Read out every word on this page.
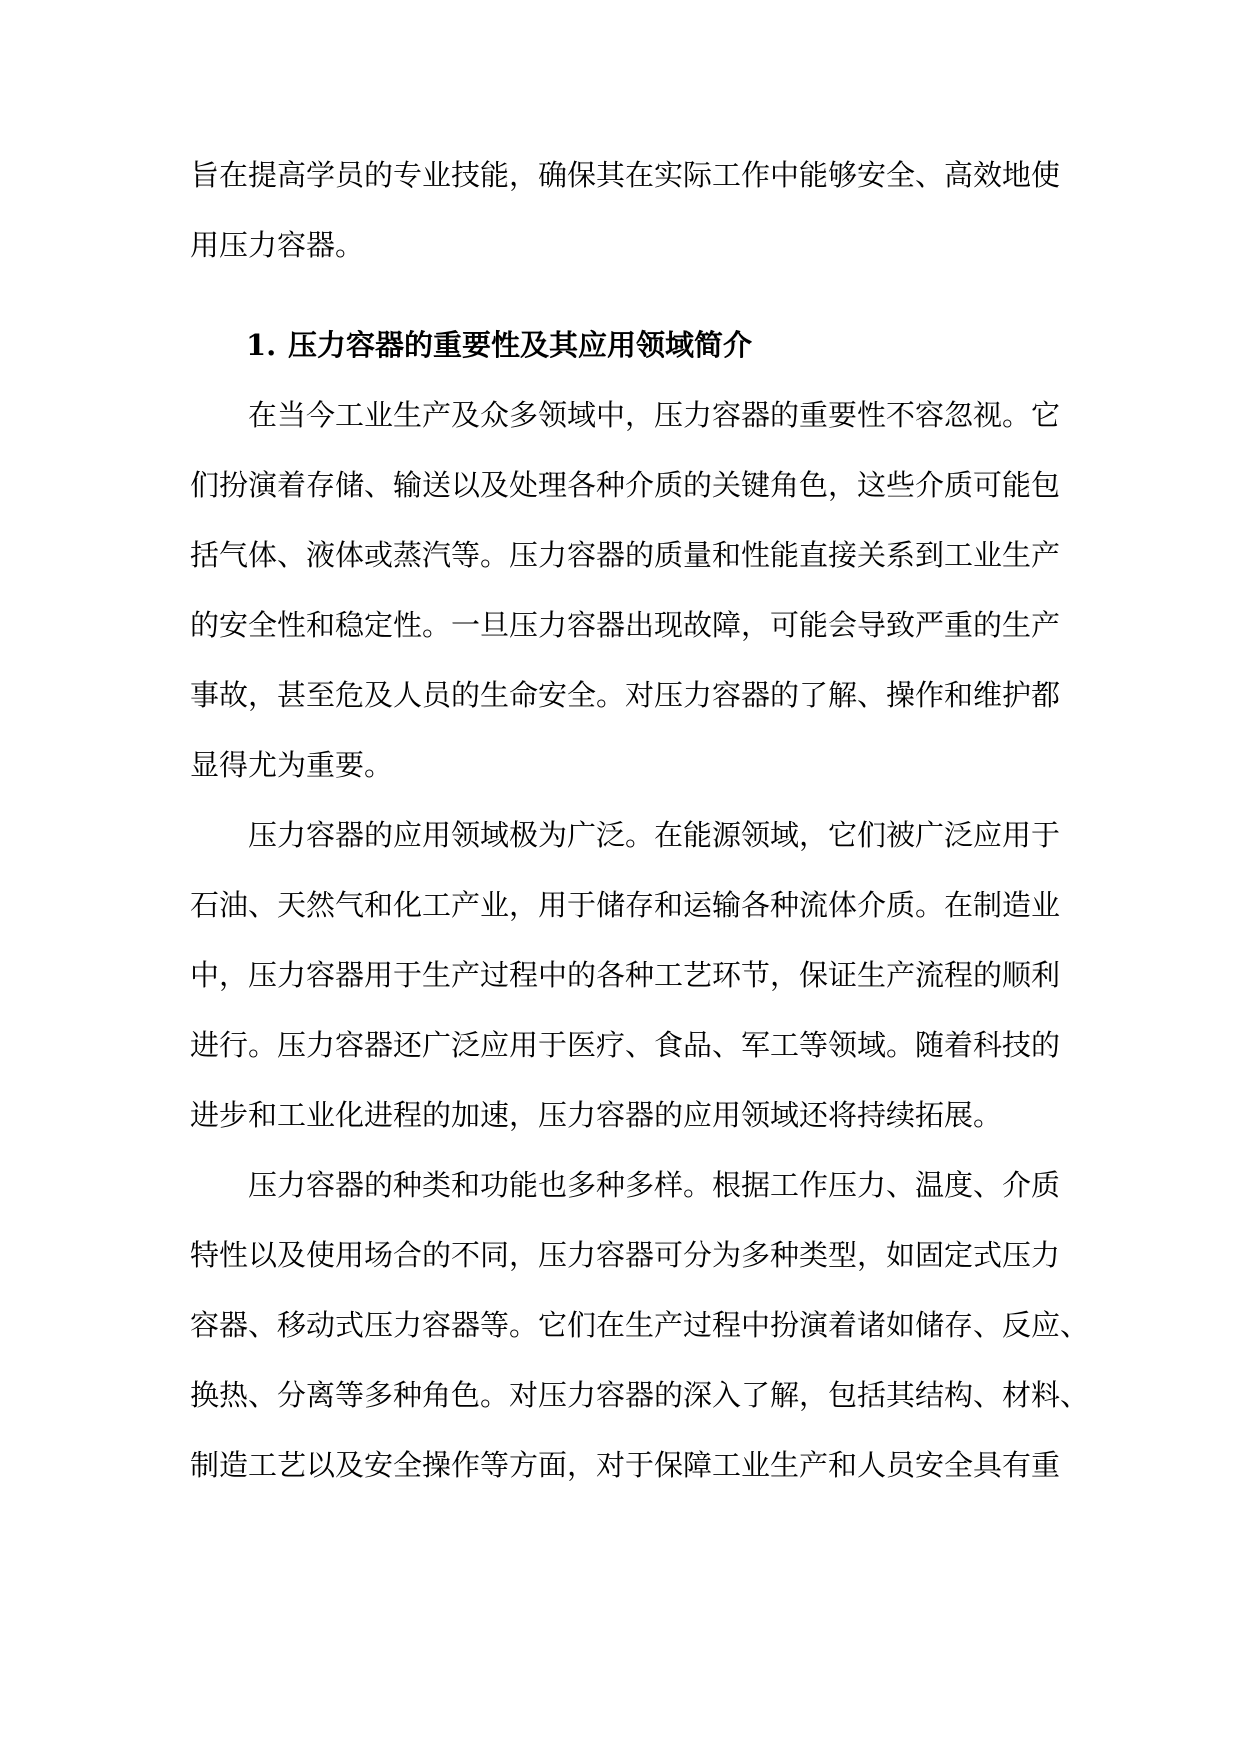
旨在提高学员的专业技能，确保其在实际工作中能够安全、高效地使
用压力容器。
1. 压力容器的重要性及其应用领域简介
在当今工业生产及众多领域中，压力容器的重要性不容忽视。它
们扮演着存储、输送以及处理各种介质的关键角色，这些介质可能包
括气体、液体或蒸汽等。压力容器的质量和性能直接关系到工业生产
的安全性和稳定性。一旦压力容器出现故障，可能会导致严重的生产
事故，甚至危及人员的生命安全。对压力容器的了解、操作和维护都
显得尤为重要。
压力容器的应用领域极为广泛。在能源领域，它们被广泛应用于
石油、天然气和化工产业，用于储存和运输各种流体介质。在制造业
中，压力容器用于生产过程中的各种工艺环节，保证生产流程的顺利
进行。压力容器还广泛应用于医疗、食品、军工等领域。随着科技的
进步和工业化进程的加速，压力容器的应用领域还将持续拓展。
压力容器的种类和功能也多种多样。根据工作压力、温度、介质
特性以及使用场合的不同，压力容器可分为多种类型，如固定式压力
容器、移动式压力容器等。它们在生产过程中扮演着诸如储存、反应、
换热、分离等多种角色。对压力容器的深入了解，包括其结构、材料、
制造工艺以及安全操作等方面，对于保障工业生产和人员安全具有重
